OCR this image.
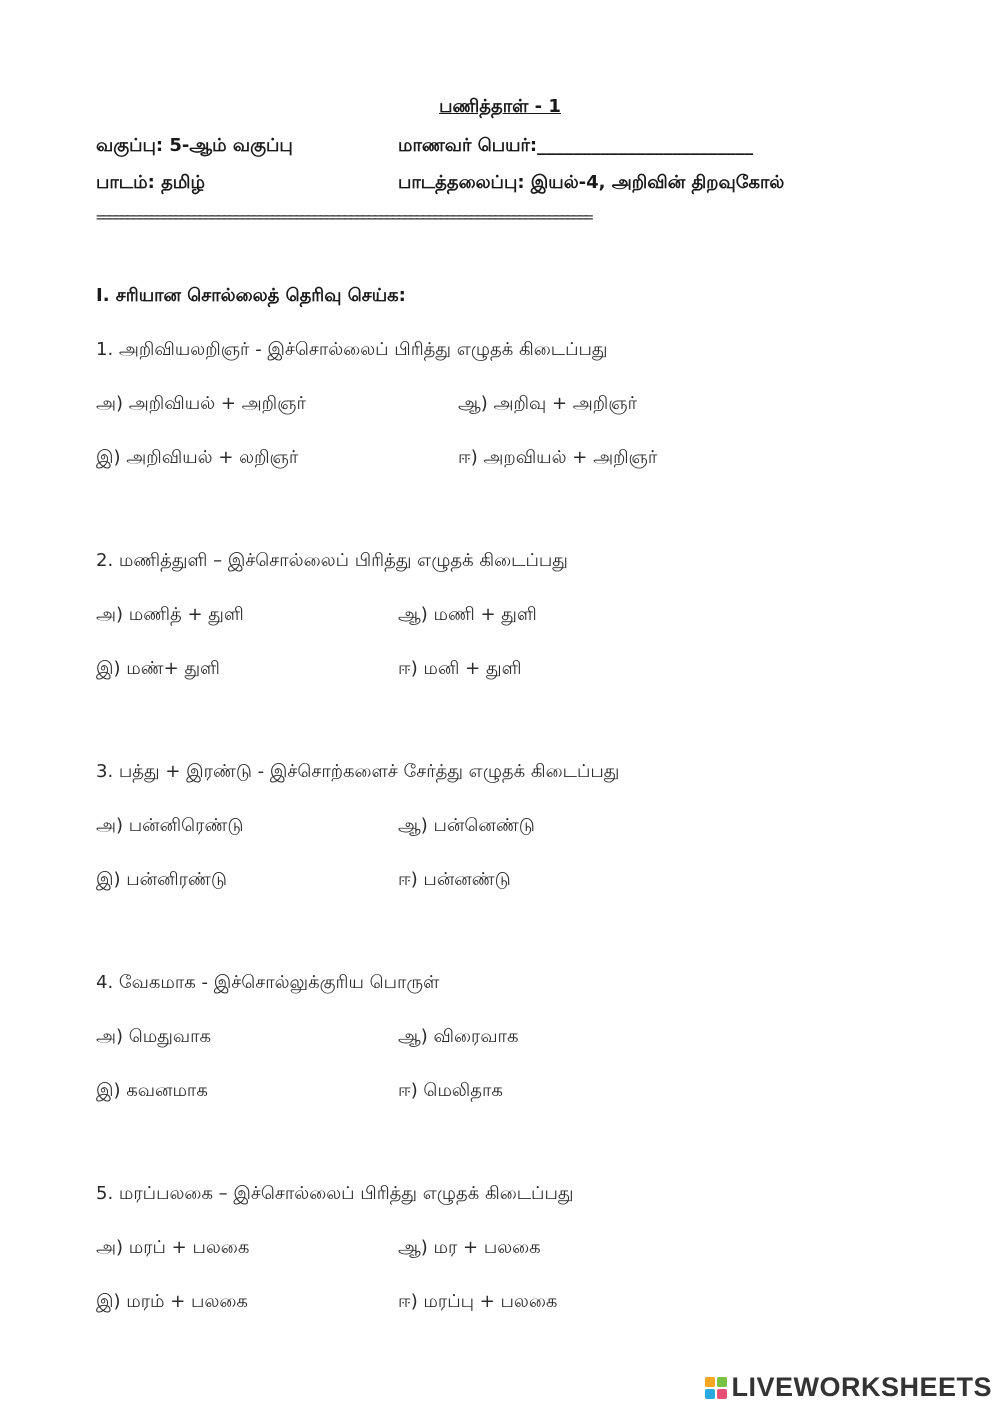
பணித்தாள் - 1
வகுப்பு: 5-ஆம் வகுப்பு	மாணவர் பெயர்:________________________
பாடம்: தமிழ்	பாடத்தலைப்பு: இயல்-4, அறிவின் திறவுகோல்
==================================================================================
I. சரியான சொல்லைத் தெரிவு செய்க:
1. அறிவியலறிஞர் - இச்சொல்லைப் பிரித்து எழுதக் கிடைப்பது
அ) அறிவியல் + அறிஞர்	ஆ) அறிவு + அறிஞர்
இ) அறிவியல் + லறிஞர்	ஈ) அறவியல் + அறிஞர்
2. மணித்துளி – இச்சொல்லைப் பிரித்து எழுதக் கிடைப்பது
அ) மணித் + துளி	ஆ) மணி + துளி
இ) மண்+ துளி	ஈ) மனி + துளி
3. பத்து + இரண்டு - இச்சொற்களைச் சேர்த்து எழுதக் கிடைப்பது
அ) பன்னிரெண்டு	ஆ) பன்னெண்டு
இ) பன்னிரண்டு	ஈ) பன்னண்டு
4. வேகமாக - இச்சொல்லுக்குரிய பொருள்
அ) மெதுவாக	ஆ) விரைவாக
இ) கவனமாக	ஈ) மெலிதாக
5. மரப்பலகை – இச்சொல்லைப் பிரித்து எழுதக் கிடைப்பது
அ) மரப் + பலகை	ஆ) மர + பலகை
இ) மரம் + பலகை	ஈ) மரப்பு + பலகை
LIVEWORKSHEETS
